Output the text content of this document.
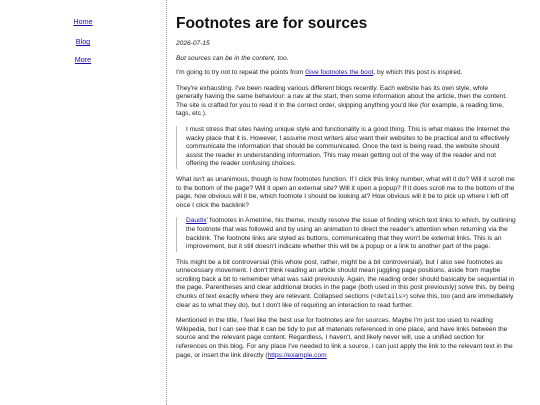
Home
Blog
More
Footnotes are for sources

2026-07-15

But sources can be in the content, too.

I'm going to try not to repeat the points from Give footnotes the boot, by which this post is inspired.

They're exhausting. I've been reading various different blogs recently. Each website has its own style, while generally having the same behaviour: a nav at the start, then some information about the article, then the content. The site is crafted for you to read it in the correct order, skipping anything you'd like (for example, a reading time, tags, etc.).

I must stress that sites having unique style and functionality is a good thing. This is what makes the Internet the wacky place that it is. However, I assume most writers also want their websites to be practical and to effectively communicate the information that should be communicated. Once the text is being read, the website should assist the reader in understanding information. This may mean getting out of the way of the reader and not offering the reader confusing choices.

What isn't as unanimous, though is how footnotes function. If I click this linky number, what will it do? Will it scroll me to the bottom of the page? Will it open an external site? Will it open a popup? If it does scroll me to the bottom of the page, how obvious will it be, which footnote I should be looking at? How obvious will it be to pick up where I left off once I click the backlink?

Daudix' footnotes in Ametrine, his theme, mostly resolve the issue of finding which text links to which, by outlining the footnote that was followed and by using an animation to direct the reader's attention when returning via the backlink. The footnote links are styled as buttons, communicating that they won't be external links. This is an improvement, but it still doesn't indicate whether this will be a popup or a link to another part of the page.

This might be a bit controversial (this whole post, rather, might be a bit controversial), but I also see footnotes as unnecessary movement. I don't think reading an article should mean juggling page positions, aside from maybe scrolling back a bit to remember what was said previously. Again, the reading order should basically be sequential in the page. Parentheses and clear additional blocks in the page (both used in this post previously) solve this, by being chunks of text exactly where they are relevant. Collapsed sections (<details>) solve this, too (and are immediately clear as to what they do), but I don't like of requiring an interaction to read further.

Mentioned in the title, I feel like the best use for footnotes are for sources. Maybe I'm just too used to reading Wikipedia, but I can see that it can be tidy to put all materials referenced in one place, and have links between the source and the relevant page content. Regardless, I haven't, and likely never will, use a unified section for references on this blog. For any place I've needed to link a source, I can just apply the link to the relevant text in the page, or insert the link directly (https://example.com
